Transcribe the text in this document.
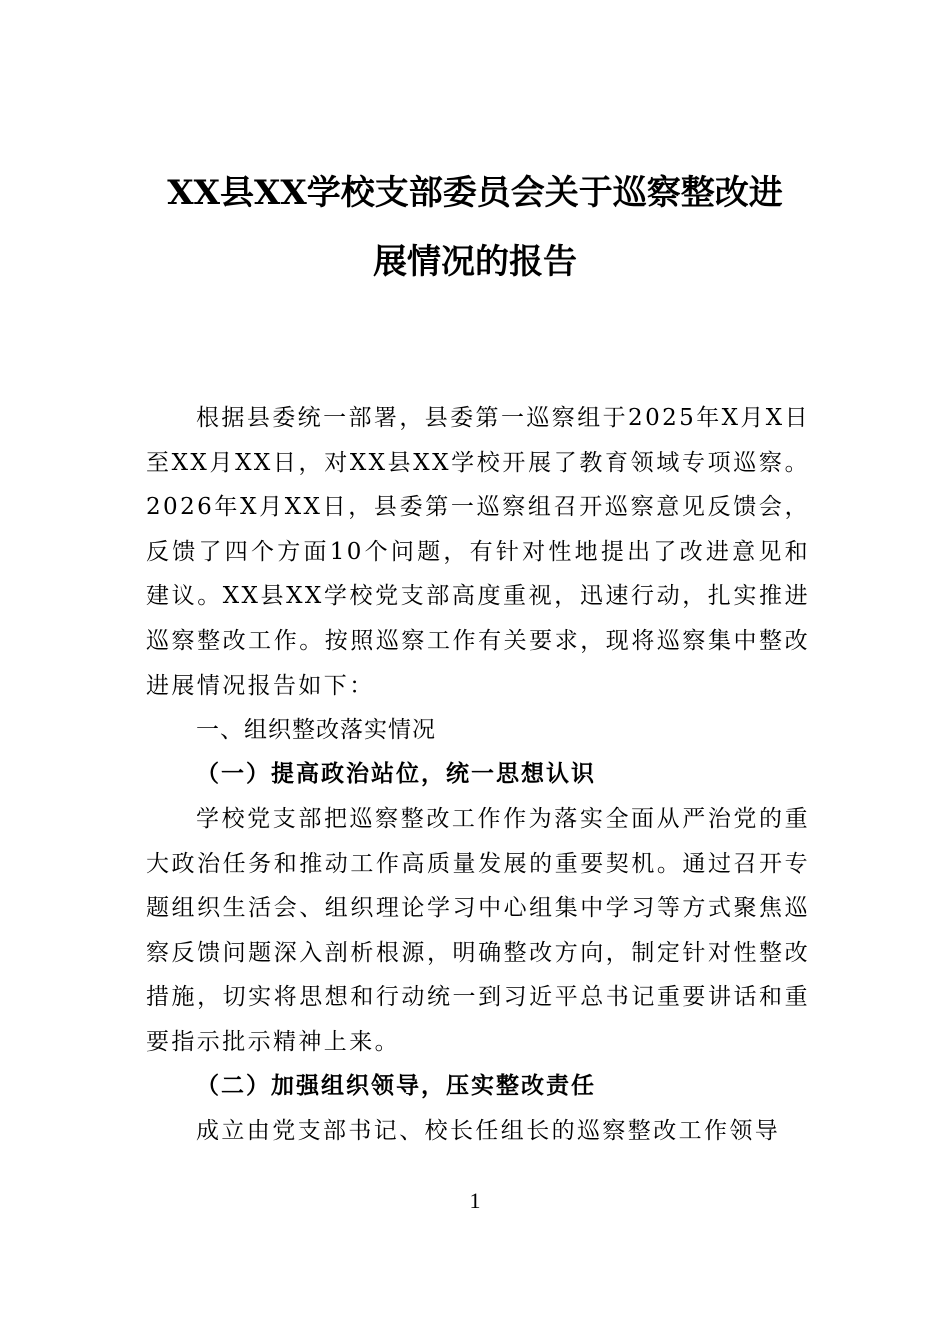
XX县XX学校支部委员会关于巡察整改进
展情况的报告

根据县委统一部署，县委第一巡察组于2025年X月X日至XX月XX日，对XX县XX学校开展了教育领域专项巡察。2026年X月XX日，县委第一巡察组召开巡察意见反馈会，反馈了四个方面10个问题，有针对性地提出了改进意见和建议。XX县XX学校党支部高度重视，迅速行动，扎实推进巡察整改工作。按照巡察工作有关要求，现将巡察集中整改进展情况报告如下：

一、组织整改落实情况

（一）提高政治站位，统一思想认识

学校党支部把巡察整改工作作为落实全面从严治党的重大政治任务和推动工作高质量发展的重要契机。通过召开专题组织生活会、组织理论学习中心组集中学习等方式聚焦巡察反馈问题深入剖析根源，明确整改方向，制定针对性整改措施，切实将思想和行动统一到习近平总书记重要讲话和重要指示批示精神上来。

（二）加强组织领导，压实整改责任

成立由党支部书记、校长任组长的巡察整改工作领导

1
